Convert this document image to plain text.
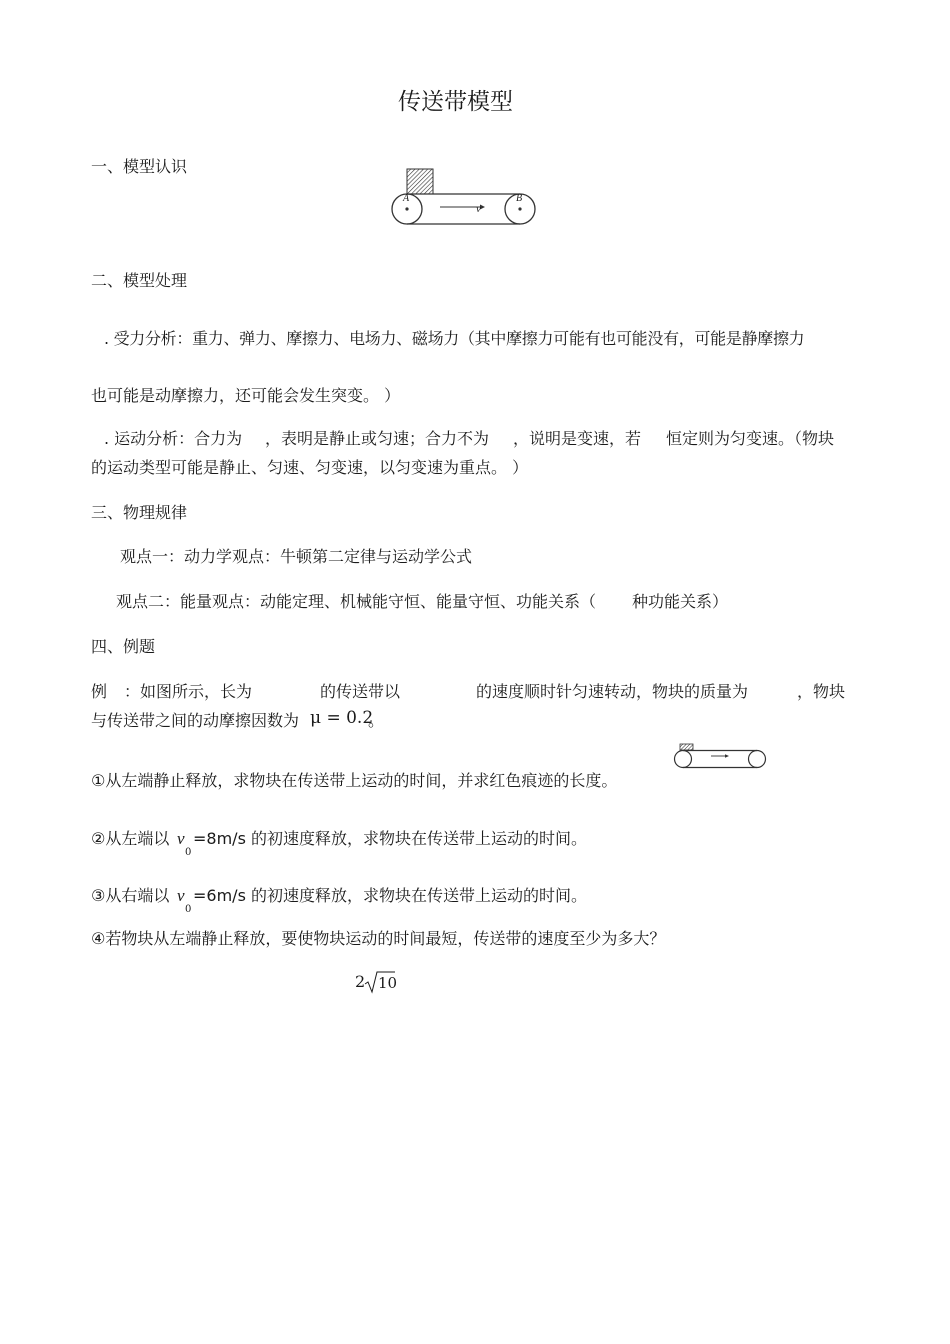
传送带模型
一、模型认识
A	B
v
二、模型处理
. 受力分析：重力、弹力、摩擦力、电场力、磁场力（其中摩擦力可能有也可能没有，可能是静摩擦力
也可能是动摩擦力，还可能会发生突变。 ）
. 运动分析：合力为 ，表明是静止或匀速；合力不为 ，说明是变速，若 恒定则为匀变速。（物块
的运动类型可能是静止、匀速、匀变速，以匀变速为重点。 ）
三、物理规律
观点一：动力学观点：牛顿第二定律与运动学公式
观点二：能量观点：动能定理、机械能守恒、能量守恒、功能关系（ 种功能关系）
四、例题
例 ：如图所示，长为	的传送带以	的速度顺时针匀速转动，物块的质量为	，物块
与传送带之间的动摩擦因数为 μ = 0.2
。
①从左端静止释放，求物块在传送带上运动的时间，并求红色痕迹的长度。
②从左端以 v
0
=8m/s 的初速度释放，求物块在传送带上运动的时间。
③从右端以 v
0
=6m/s 的初速度释放，求物块在传送带上运动的时间。
④若物块从左端静止释放，要使物块运动的时间最短，传送带的速度至少为多大？
2 10
